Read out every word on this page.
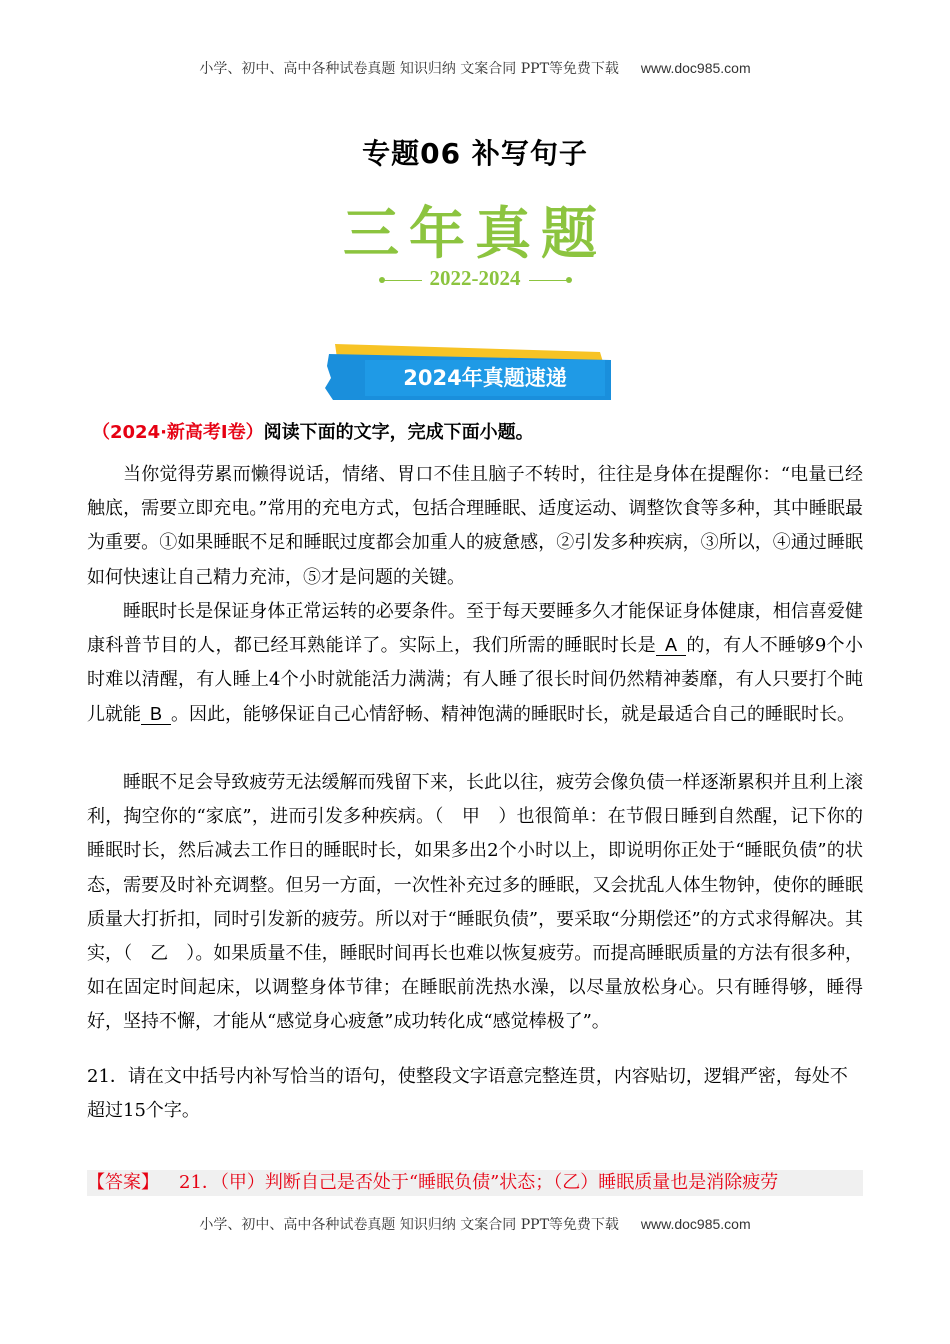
小学、初中、高中各种试卷真题 知识归纳 文案合同 PPT等免费下载 www.doc985.com
专题06 补写句子
三年真题
2022-2024
2024年真题速递
（2024·新高考Ⅰ卷）阅读下面的文字，完成下面小题。

当你觉得劳累而懒得说话，情绪、胃口不佳且脑子不转时，往往是身体在提醒你：“电量已经触底，需要立即充电。”常用的充电方式，包括合理睡眠、适度运动、调整饮食等多种，其中睡眠最为重要。①如果睡眠不足和睡眠过度都会加重人的疲惫感，②引发多种疾病，③所以，④通过睡眠如何快速让自己精力充沛，⑤才是问题的关键。

睡眠时长是保证身体正常运转的必要条件。至于每天要睡多久才能保证身体健康，相信喜爱健康科普节目的人，都已经耳熟能详了。实际上，我们所需的睡眠时长是 A 的，有人不睡够9个小时难以清醒，有人睡上4个小时就能活力满满；有人睡了很长时间仍然精神萎靡，有人只要打个盹儿就能 B 。因此，能够保证自己心情舒畅、精神饱满的睡眠时长，就是最适合自己的睡眠时长。

睡眠不足会导致疲劳无法缓解而残留下来，长此以往，疲劳会像负债一样逐渐累积并且利上滚利，掏空你的“家底”，进而引发多种疾病。（　甲　）也很简单：在节假日睡到自然醒，记下你的睡眠时长，然后减去工作日的睡眠时长，如果多出2个小时以上，即说明你正处于“睡眠负债”的状态，需要及时补充调整。但另一方面，一次性补充过多的睡眠，又会扰乱人体生物钟，使你的睡眠质量大打折扣，同时引发新的疲劳。所以对于“睡眠负债”，要采取“分期偿还”的方式求得解决。其实，（　乙　）。如果质量不佳，睡眠时间再长也难以恢复疲劳。而提高睡眠质量的方法有很多种，如在固定时间起床，以调整身体节律；在睡眠前洗热水澡，以尽量放松身心。只有睡得够，睡得好，坚持不懈，才能从“感觉身心疲惫”成功转化成“感觉棒极了”。

21．请在文中括号内补写恰当的语句，使整段文字语意完整连贯，内容贴切，逻辑严密，每处不超过15个字。

【答案】 21．（甲）判断自己是否处于“睡眠负债”状态；（乙）睡眠质量也是消除疲劳
小学、初中、高中各种试卷真题 知识归纳 文案合同 PPT等免费下载 www.doc985.com
